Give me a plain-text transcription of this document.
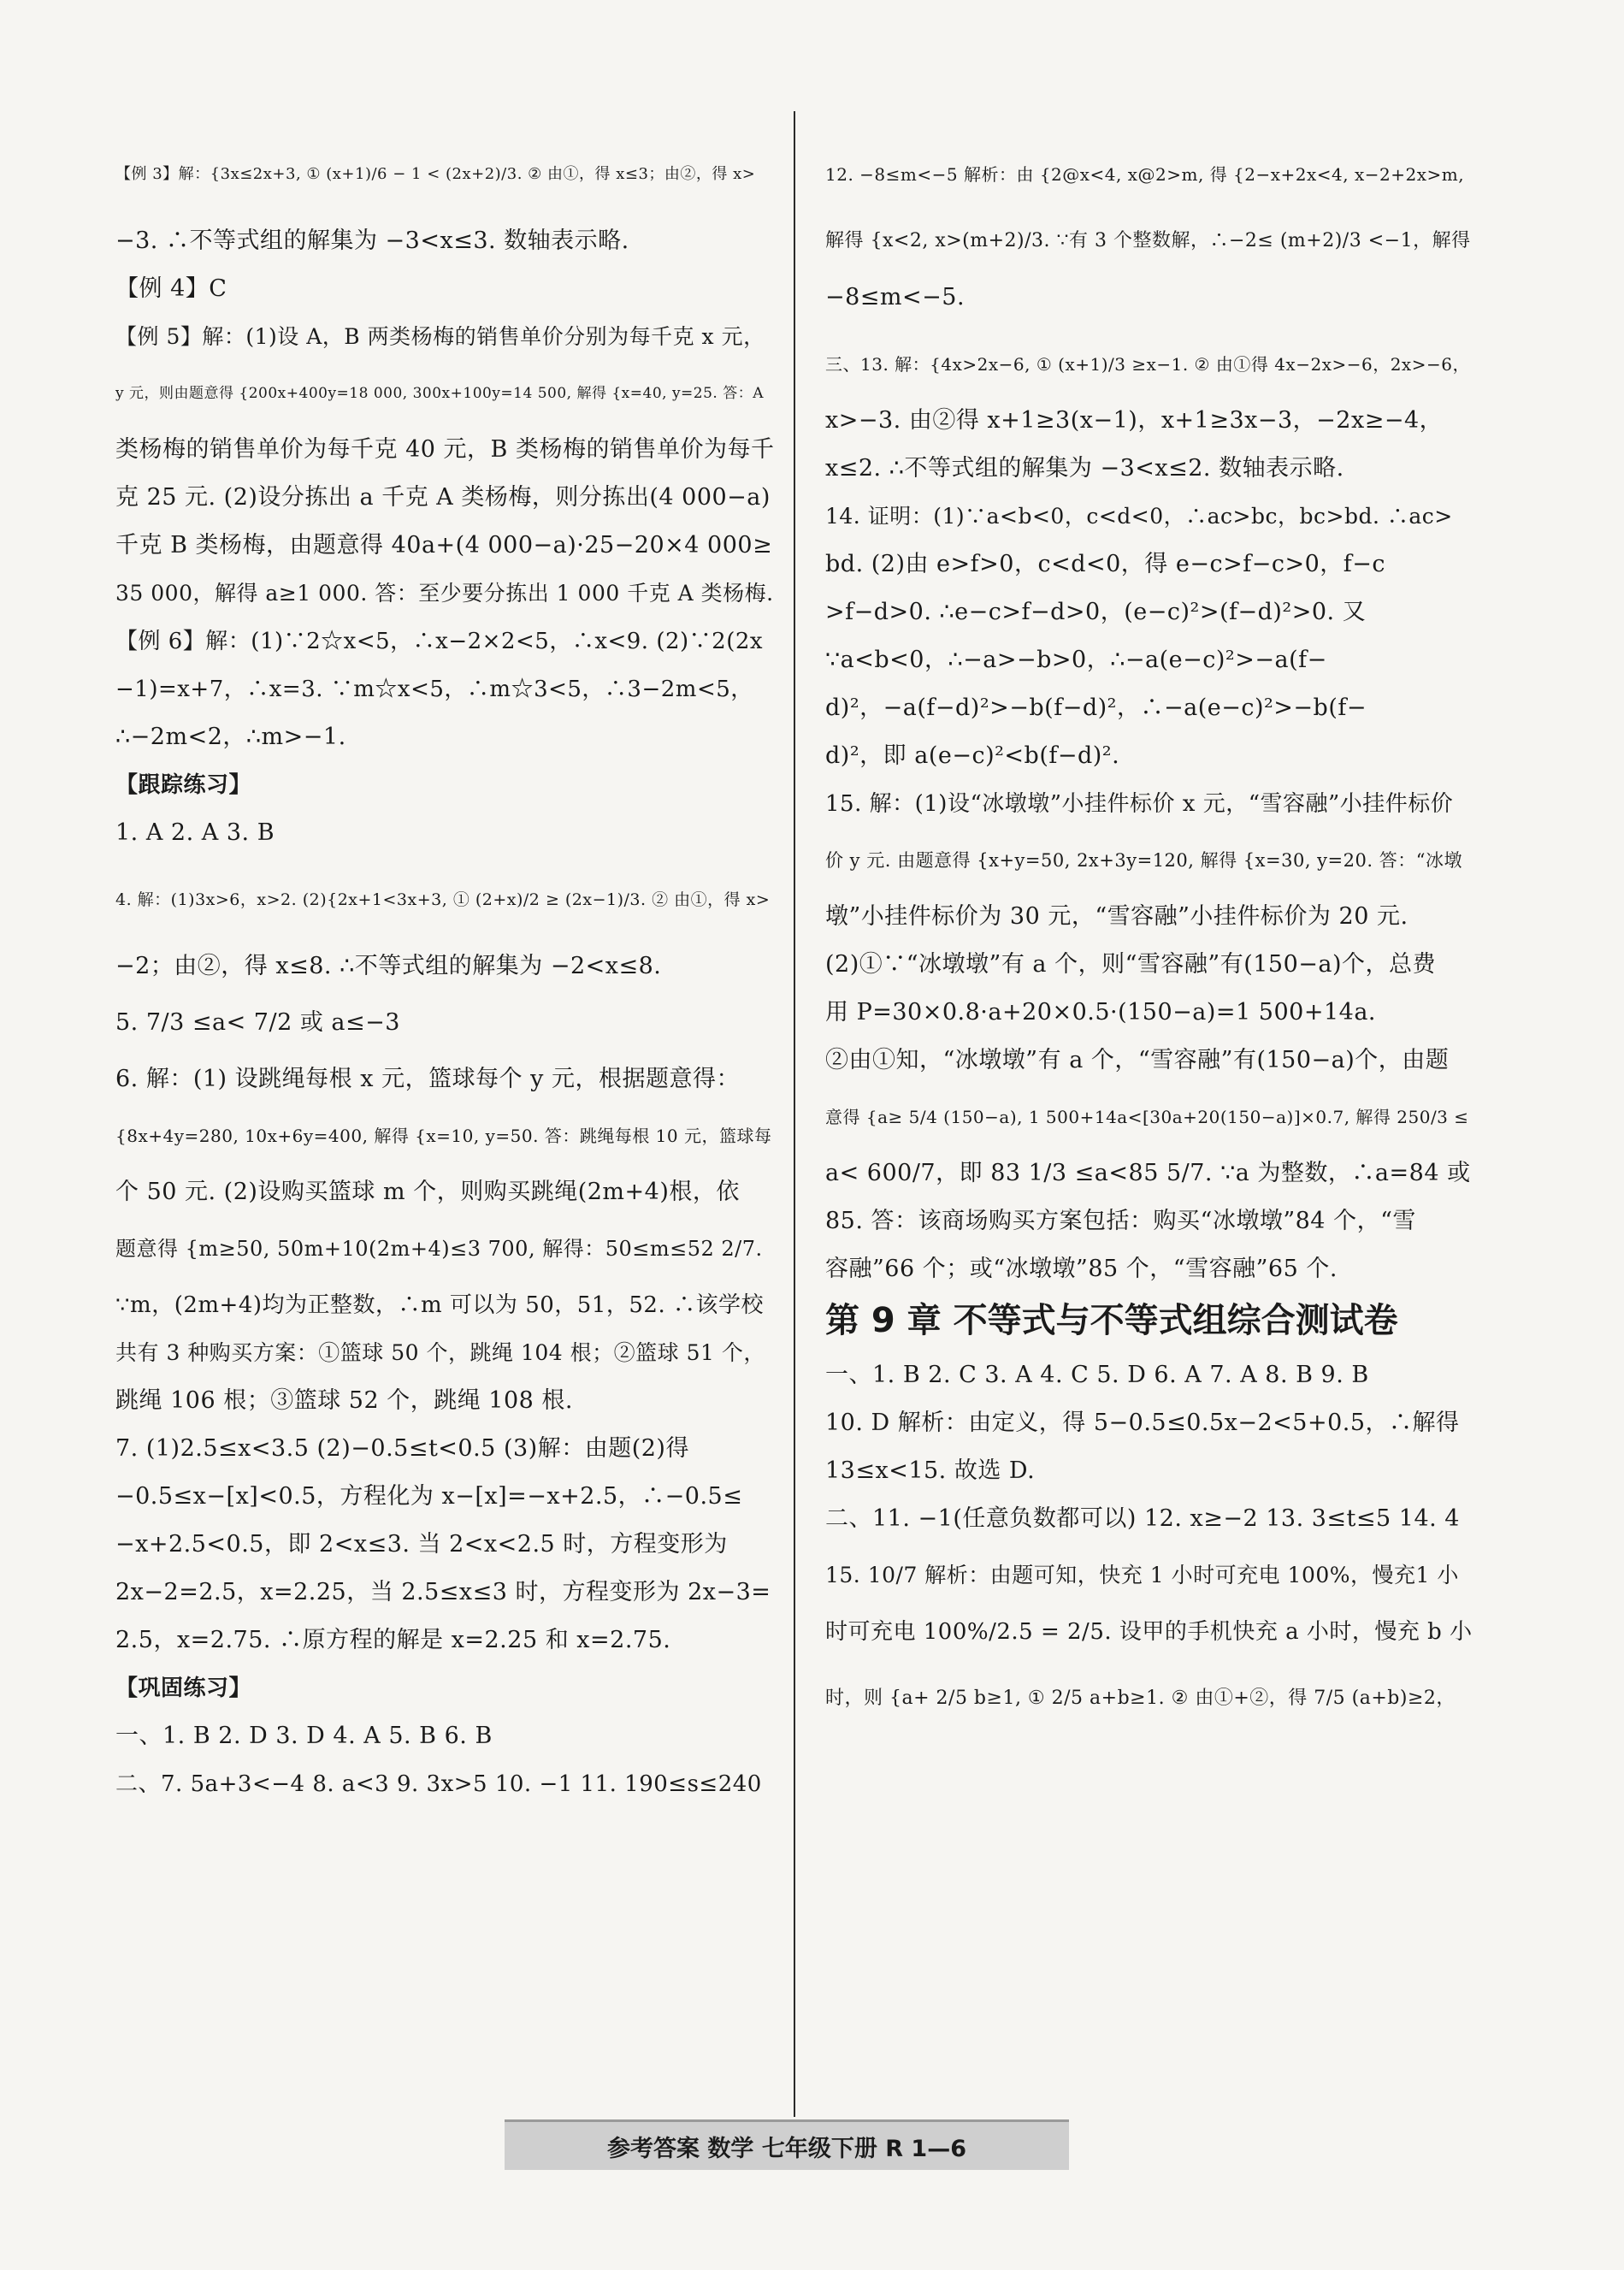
【例 3】解：{3x≤2x+3, ① (x+1)/6 − 1 < (2x+2)/3. ② 由①，得 x≤3；由②，得 x>

−3. ∴不等式组的解集为 −3<x≤3. 数轴表示略.

【例 4】C

【例 5】解：(1)设 A，B 两类杨梅的销售单价分别为每千克 x 元，

y 元，则由题意得 {200x+400y=18 000, 300x+100y=14 500, 解得 {x=40, y=25. 答：A

类杨梅的销售单价为每千克 40 元，B 类杨梅的销售单价为每千

克 25 元. (2)设分拣出 a 千克 A 类杨梅，则分拣出(4 000−a)

千克 B 类杨梅，由题意得 40a+(4 000−a)·25−20×4 000≥

35 000，解得 a≥1 000. 答：至少要分拣出 1 000 千克 A 类杨梅.

【例 6】解：(1)∵2☆x<5，∴x−2×2<5，∴x<9. (2)∵2(2x

−1)=x+7，∴x=3. ∵m☆x<5，∴m☆3<5，∴3−2m<5，

∴−2m<2，∴m>−1.

【跟踪练习】

1. A 2. A 3. B

4. 解：(1)3x>6，x>2. (2){2x+1<3x+3, ① (2+x)/2 ≥ (2x−1)/3. ② 由①，得 x>

−2；由②，得 x≤8. ∴不等式组的解集为 −2<x≤8.

5. 7/3 ≤a< 7/2 或 a≤−3

6. 解：(1) 设跳绳每根 x 元，篮球每个 y 元，根据题意得：

{8x+4y=280, 10x+6y=400, 解得 {x=10, y=50. 答：跳绳每根 10 元，篮球每

个 50 元. (2)设购买篮球 m 个，则购买跳绳(2m+4)根，依

题意得 {m≥50, 50m+10(2m+4)≤3 700, 解得：50≤m≤52 2/7.

∵m，(2m+4)均为正整数，∴m 可以为 50，51，52. ∴该学校

共有 3 种购买方案：①篮球 50 个，跳绳 104 根；②篮球 51 个，

跳绳 106 根；③篮球 52 个，跳绳 108 根.

7. (1)2.5≤x<3.5 (2)−0.5≤t<0.5 (3)解：由题(2)得

−0.5≤x−[x]<0.5，方程化为 x−[x]=−x+2.5，∴−0.5≤

−x+2.5<0.5，即 2<x≤3. 当 2<x<2.5 时，方程变形为

2x−2=2.5，x=2.25，当 2.5≤x≤3 时，方程变形为 2x−3=

2.5，x=2.75. ∴原方程的解是 x=2.25 和 x=2.75.

【巩固练习】

一、1. B 2. D 3. D 4. A 5. B 6. B

二、7. 5a+3<−4 8. a<3 9. 3x>5 10. −1 11. 190≤s≤240

12. −8≤m<−5 解析：由 {2@x<4, x@2>m, 得 {2−x+2x<4, x−2+2x>m,

解得 {x<2, x>(m+2)/3. ∵有 3 个整数解，∴−2≤ (m+2)/3 <−1，解得

−8≤m<−5.

三、13. 解：{4x>2x−6, ① (x+1)/3 ≥x−1. ② 由①得 4x−2x>−6，2x>−6，

x>−3. 由②得 x+1≥3(x−1)，x+1≥3x−3，−2x≥−4，

x≤2. ∴不等式组的解集为 −3<x≤2. 数轴表示略.

14. 证明：(1)∵a<b<0，c<d<0，∴ac>bc，bc>bd. ∴ac>

bd. (2)由 e>f>0，c<d<0，得 e−c>f−c>0，f−c

>f−d>0. ∴e−c>f−d>0，(e−c)²>(f−d)²>0. 又

∵a<b<0，∴−a>−b>0，∴−a(e−c)²>−a(f−

d)²，−a(f−d)²>−b(f−d)²，∴−a(e−c)²>−b(f−

d)²，即 a(e−c)²<b(f−d)².

15. 解：(1)设“冰墩墩”小挂件标价 x 元，“雪容融”小挂件标价

价 y 元. 由题意得 {x+y=50, 2x+3y=120, 解得 {x=30, y=20. 答：“冰墩

墩”小挂件标价为 30 元，“雪容融”小挂件标价为 20 元.

(2)①∵“冰墩墩”有 a 个，则“雪容融”有(150−a)个，总费

用 P=30×0.8·a+20×0.5·(150−a)=1 500+14a.

②由①知，“冰墩墩”有 a 个，“雪容融”有(150−a)个，由题

意得 {a≥ 5/4 (150−a), 1 500+14a<[30a+20(150−a)]×0.7, 解得 250/3 ≤

a< 600/7，即 83 1/3 ≤a<85 5/7. ∵a 为整数，∴a=84 或

85. 答：该商场购买方案包括：购买“冰墩墩”84 个，“雪

容融”66 个；或“冰墩墩”85 个，“雪容融”65 个.

第 9 章 不等式与不等式组综合测试卷

一、1. B 2. C 3. A 4. C 5. D 6. A 7. A 8. B 9. B

10. D 解析：由定义，得 5−0.5≤0.5x−2<5+0.5，∴解得

13≤x<15. 故选 D.

二、11. −1(任意负数都可以) 12. x≥−2 13. 3≤t≤5 14. 4

15. 10/7 解析：由题可知，快充 1 小时可充电 100%，慢充1 小

时可充电 100%/2.5 = 2/5. 设甲的手机快充 a 小时，慢充 b 小

时，则 {a+ 2/5 b≥1, ① 2/5 a+b≥1. ② 由①+②，得 7/5 (a+b)≥2，

参考答案 数学 七年级下册 R 1—6
